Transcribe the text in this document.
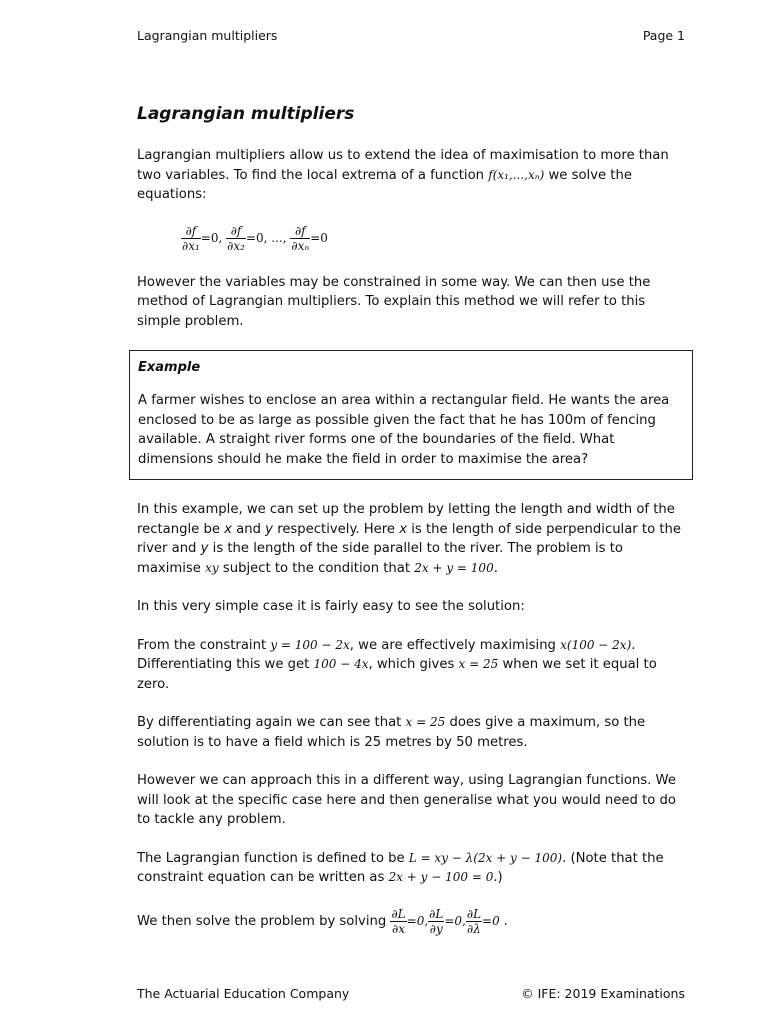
Lagrangian multipliers	Page 1
Lagrangian multipliers

Lagrangian multipliers allow us to extend the idea of maximisation to more than two variables. To find the local extrema of a function f(x₁,...,xₙ) we solve the equations:

$\frac{\partial f}{\text{∂x₁}} =0$, $\frac{\partial f}{\text{∂x₂}} =0$, ..., $\frac{\partial f}{\text{∂xₙ}} =0$

However the variables may be constrained in some way. We can then use the method of Lagrangian multipliers. To explain this method we will refer to this simple problem.

Example

A farmer wishes to enclose an area within a rectangular field. He wants the area enclosed to be as large as possible given the fact that he has 100m of fencing available. A straight river forms one of the boundaries of the field. What dimensions should he make the field in order to maximise the area?

In this example, we can set up the problem by letting the length and width of the rectangle be x and y respectively. Here x is the length of side perpendicular to the river and y is the length of the side parallel to the river. The problem is to maximise xy subject to the condition that 2x + y = 100.

In this very simple case it is fairly easy to see the solution:

From the constraint y = 100 − 2x, we are effectively maximising x(100 − 2x). Differentiating this we get 100 − 4x, which gives x = 25 when we set it equal to zero.

By differentiating again we can see that x = 25 does give a maximum, so the solution is to have a field which is 25 metres by 50 metres.

However we can approach this in a different way, using Lagrangian functions. We will look at the specific case here and then generalise what you would need to do to tackle any problem.

The Lagrangian function is defined to be L = xy − λ(2x + y − 100). (Note that the constraint equation can be written as 2x + y − 100 = 0.)

We then solve the problem by solving $\frac{\partial L}{\partial x} =0$, $\frac{\partial L}{\partial y} =0$, $\frac{\partial L}{\partial\lambda} =0$ .

The Actuarial Education Company	© IFE: 2019 Examinations
